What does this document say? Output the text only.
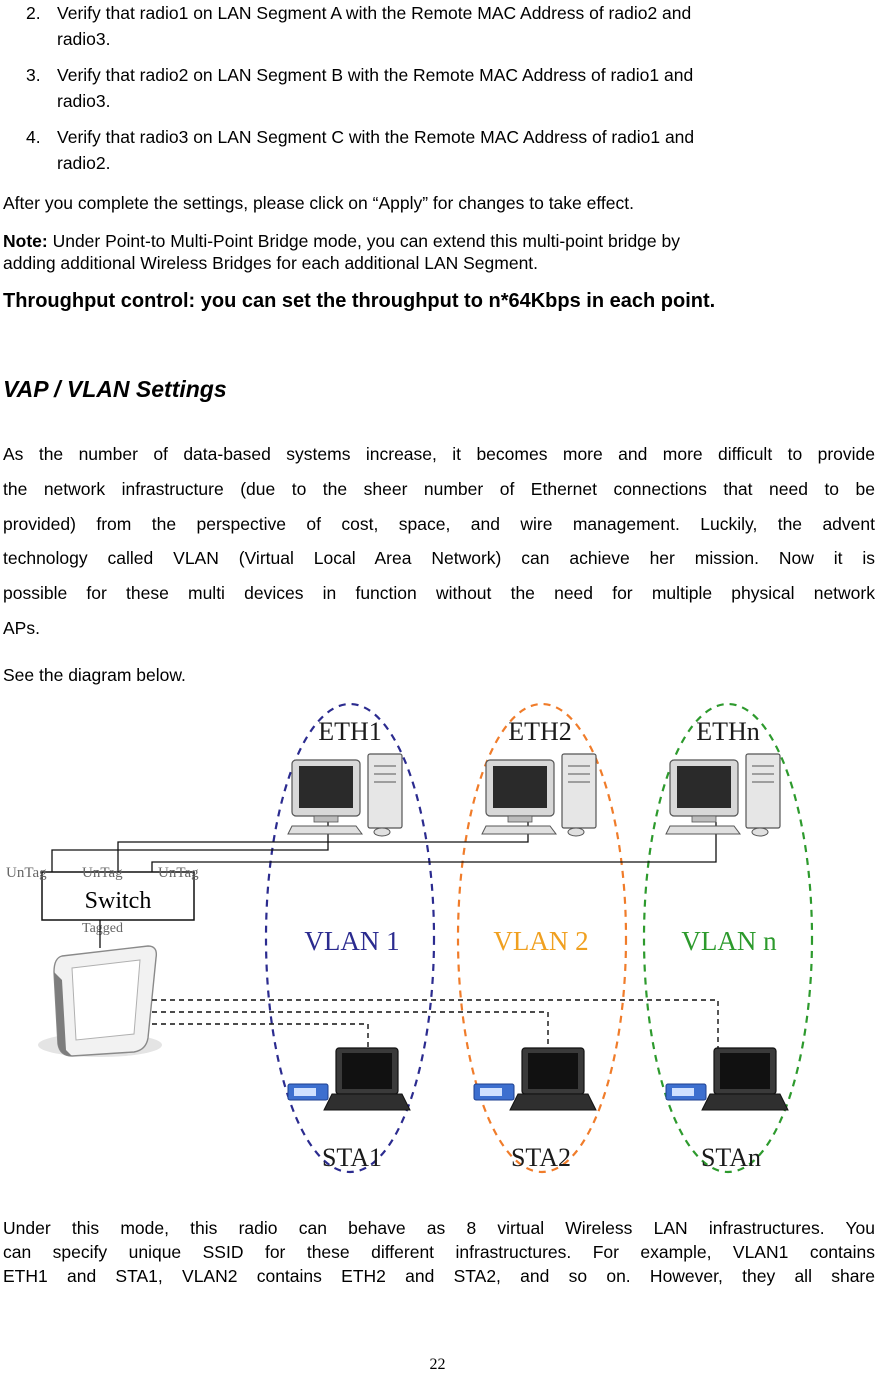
2. Verify that radio1 on LAN Segment A with the Remote MAC Address of radio2 and
radio3.
3. Verify that radio2 on LAN Segment B with the Remote MAC Address of radio1 and
radio3.
4. Verify that radio3 on LAN Segment C with the Remote MAC Address of radio1 and
radio2.
After you complete the settings, please click on “Apply” for changes to take effect.
Note: Under Point-to Multi-Point Bridge mode, you can extend this multi-point bridge by
adding additional Wireless Bridges for each additional LAN Segment.
Throughput control: you can set the throughput to n*64Kbps in each point.
VAP / VLAN Settings
As the number of data-based systems increase, it becomes more and more difficult to provide
the network infrastructure (due to the sheer number of Ethernet connections that need to be
provided) from the perspective of cost, space, and wire management. Luckily, the advent
technology called VLAN (Virtual Local Area Network) can achieve her mission. Now it is
possible for these multi devices in function without the need for multiple physical network
APs.
See the diagram below.
Switch
UnTag UnTag UnTag
Tagged
ETH1	ETH2	ETHn
VLAN 1	VLAN 2	VLAN n
STA1	STA2	STAn
Under this mode, this radio can behave as 8 virtual Wireless LAN infrastructures. You
can specify unique SSID for these different infrastructures. For example, VLAN1 contains
ETH1 and STA1, VLAN2 contains ETH2 and STA2, and so on. However, they all share
22
